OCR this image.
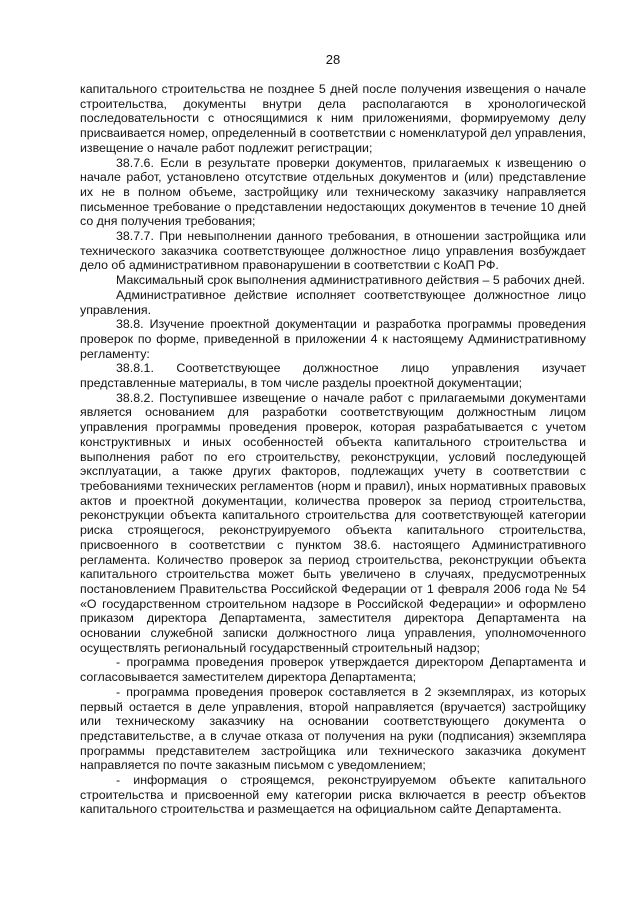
28

капитального строительства не позднее 5 дней после получения извещения о начале строительства, документы внутри дела располагаются в хронологической последовательности с относящимися к ним приложениями, формируемому делу присваивается номер, определенный в соответствии с номенклатурой дел управления, извещение о начале работ подлежит регистрации;

38.7.6. Если в результате проверки документов, прилагаемых к извещению о начале работ, установлено отсутствие отдельных документов и (или) представление их не в полном объеме, застройщику или техническому заказчику направляется письменное требование о представлении недостающих документов в течение 10 дней со дня получения требования;

38.7.7. При невыполнении данного требования, в отношении застройщика или технического заказчика соответствующее должностное лицо управления возбуждает дело об административном правонарушении в соответствии с КоАП РФ.

Максимальный срок выполнения административного действия – 5 рабочих дней.

Административное действие исполняет соответствующее должностное лицо управления.

38.8. Изучение проектной документации и разработка программы проведения проверок по форме, приведенной в приложении 4 к настоящему Административному регламенту:

38.8.1. Соответствующее должностное лицо управления изучает представленные материалы, в том числе разделы проектной документации;

38.8.2. Поступившее извещение о начале работ с прилагаемыми документами является основанием для разработки соответствующим должностным лицом управления программы проведения проверок, которая разрабатывается с учетом конструктивных и иных особенностей объекта капитального строительства и выполнения работ по его строительству, реконструкции, условий последующей эксплуатации, а также других факторов, подлежащих учету в соответствии с требованиями технических регламентов (норм и правил), иных нормативных правовых актов и проектной документации, количества проверок за период строительства, реконструкции объекта капитального строительства для соответствующей категории риска строящегося, реконструируемого объекта капитального строительства, присвоенного в соответствии с пунктом 38.6. настоящего Административного регламента. Количество проверок за период строительства, реконструкции объекта капитального строительства может быть увеличено в случаях, предусмотренных постановлением Правительства Российской Федерации от 1 февраля 2006 года № 54 «О государственном строительном надзоре в Российской Федерации» и оформлено приказом директора Департамента, заместителя директора Департамента на основании служебной записки должностного лица управления, уполномоченного осуществлять региональный государственный строительный надзор;

- программа проведения проверок утверждается директором Департамента и согласовывается заместителем директора Департамента;

- программа проведения проверок составляется в 2 экземплярах, из которых первый остается в деле управления, второй направляется (вручается) застройщику или техническому заказчику на основании соответствующего документа о представительстве, а в случае отказа от получения на руки (подписания) экземпляра программы представителем застройщика или технического заказчика документ направляется по почте заказным письмом с уведомлением;

- информация о строящемся, реконструируемом объекте капитального строительства и присвоенной ему категории риска включается в реестр объектов капитального строительства и размещается на официальном сайте Департамента.
